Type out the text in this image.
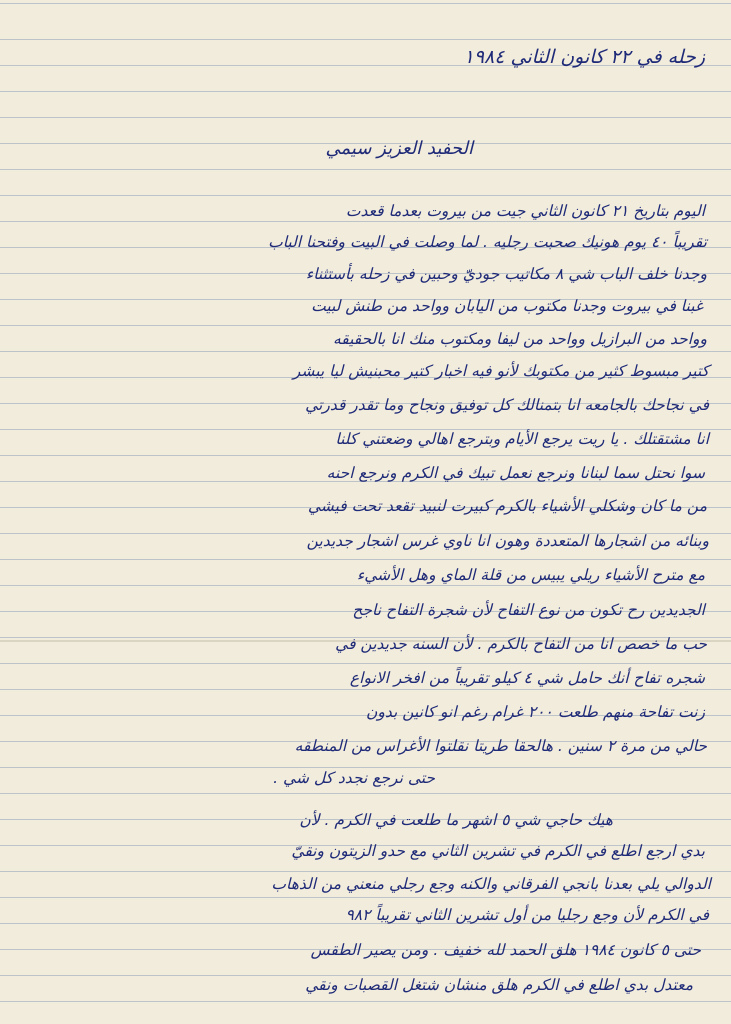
زحله في ٢٢ كانون الثاني ١٩٨٤
الحفيد العزيز سيمي
اليوم بتاريخ ٢١ كانون الثاني جيت من بيروت بعدما قعدت
تقريباً ٤٠ يوم هونيك صحبت رجليه . لما وصلت في البيت وفتحنا الباب
وجدنا خلف الباب شي ٨ مكاتيب جوديّ وحبين في زحله بأستثناء
غبنا في بيروت وجدنا مكتوب من اليابان وواحد من طنش لبيت
وواحد من البرازيل وواحد من ليفا ومكتوب منك انا بالحقيقه
كتير مبسوط كثير من مكتوبك لأنو فيه اخبار كتير محبنيش ليا يبشر
في نجاحك بالجامعه انا بتمنالك كل توفيق ونجاح وما تقدر قدرتي
انا مشتقتلك . يا ريت يرجع الأيام وبترجع اهالي وضعتني كلنا
سوا نحتل سما لبنانا ونرجع نعمل تبيك في الكرم ونرجع احنه
من ما كان وشكلي الأشياء بالكرم كبيرت لنبيد تقعد تحت فيشي
وبنائه من اشجارها المتعددة وهون انا ناوي غرس اشجار جديدين
مع مترح الأشياء ريلي يبيس من قلة الماي وهل الأشيء
الجديدين رح تكون من نوع التفاح لأن شجرة التفاح ناجح
حب ما خصص انا من التفاح بالكرم . لأن السنه جديدين في
شجره تفاح أنك حامل شي ٤ كيلو تقريباً من افخر الانواع
زنت تفاحة منهم طلعت ٢٠٠ غرام رغم انو كانين بدون
حالي من مرة ٢ سنين . هالحقا طريتا نقلتوا الأغراس من المنطقه
حتى نرجع نجدد كل شي .
هيك حاجي شي ٥ اشهر ما طلعت في الكرم . لأن
بدي ارجع اطلع في الكرم في تشرين الثاني مع حدو الزيتون ونقيّ
الدوالي يلي بعدنا بانجي الفرقاني والكنه وجع رجلي منعني من الذهاب
في الكرم لأن وجع رجليا من أول تشرين الثاني تقريباً ٩٨٢
حتى ٥ كانون ١٩٨٤ هلق الحمد لله خفيف . ومن يصير الطقس
معتدل بدي اطلع في الكرم هلق منشان شتغل القصبات ونقي
